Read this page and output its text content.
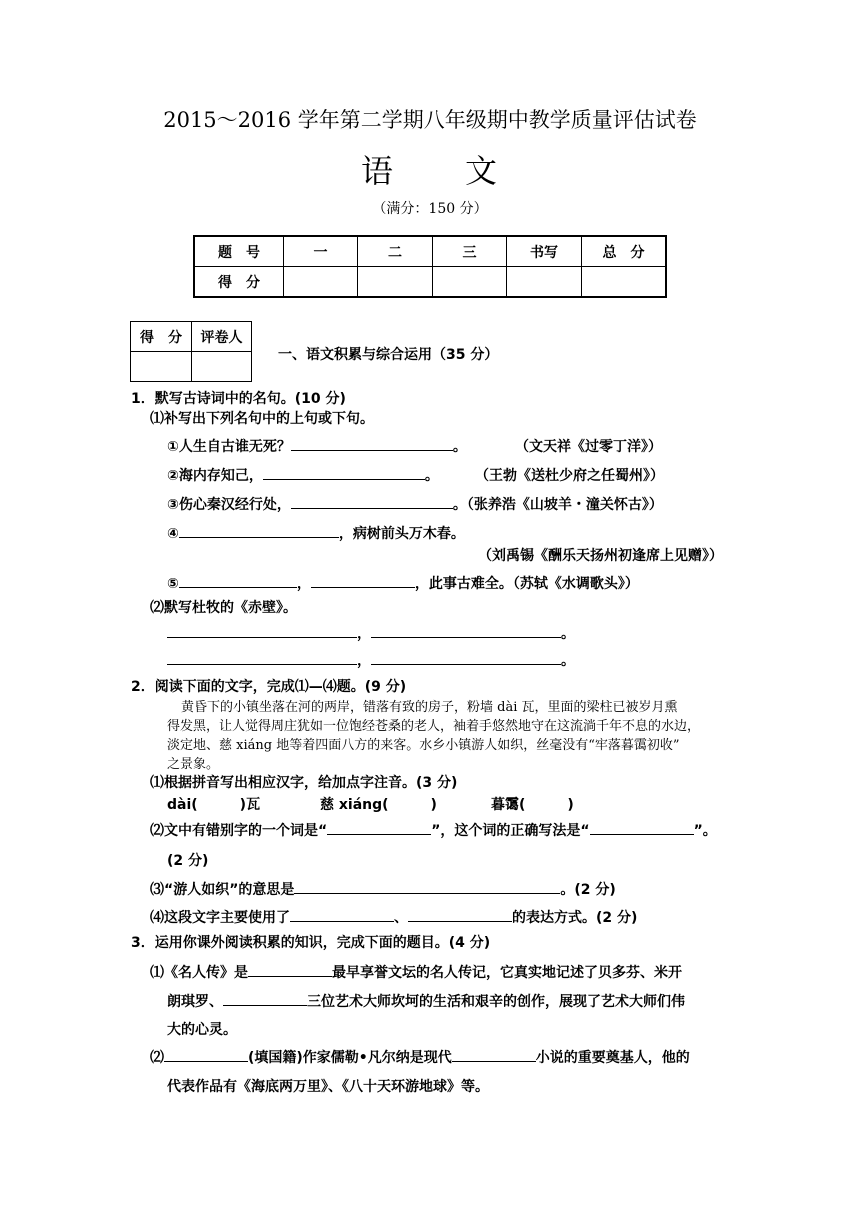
2015～2016 学年第二学期八年级期中教学质量评估试卷
语 文
（满分：150 分）
题　号	一	二	三	书写	总　分
得　分					
得　分	评卷人

一、语文积累与综合运用（35 分）
1．默写古诗词中的名句。(10 分)
⑴补写出下列名句中的上句或下句。
①人生自古谁无死？	。	（文天祥《过零丁洋》）
②海内存知己，	。	（王勃《送杜少府之任蜀州》）
③伤心秦汉经行处，	。（张养浩《山坡羊・潼关怀古》）
④	，病树前头万木春。
（刘禹锡《酬乐天扬州初逢席上见赠》）
⑤	，	，此事古难全。（苏轼《水调歌头》）
⑵默写杜牧的《赤壁》。
，	。
，	。
2．阅读下面的文字，完成⑴—⑷题。(9 分)
黄昏下的小镇坐落在河的两岸，错落有致的房子，粉墙 dài 瓦，里面的梁柱已被岁月熏
得发黑，让人觉得周庄犹如一位饱经苍桑的老人，袖着手悠然地守在这流淌千年不息的水边，
淡定地、慈 xiáng 地等着四面八方的来客。水乡小镇游人如织，丝毫没有“牢落暮霭初收”
之景象。
⑴根据拼音写出相应汉字，给加点字注音。(3 分)
dài(　　　)瓦	慈 xiáng(　　　)	暮霭(　　　)
⑵文中有错别字的一个词是“	”，这个词的正确写法是“	”。
(2 分)
⑶“游人如织”的意思是	。(2 分)
⑷这段文字主要使用了	、	的表达方式。(2 分)
3．运用你课外阅读积累的知识，完成下面的题目。(4 分)
⑴《名人传》是	最早享誉文坛的名人传记，它真实地记述了贝多芬、米开
朗琪罗、	三位艺术大师坎坷的生活和艰辛的创作，展现了艺术大师们伟
大的心灵。
⑵	(填国籍)作家儒勒•凡尔纳是现代	小说的重要奠基人，他的
代表作品有《海底两万里》、《八十天环游地球》等。
